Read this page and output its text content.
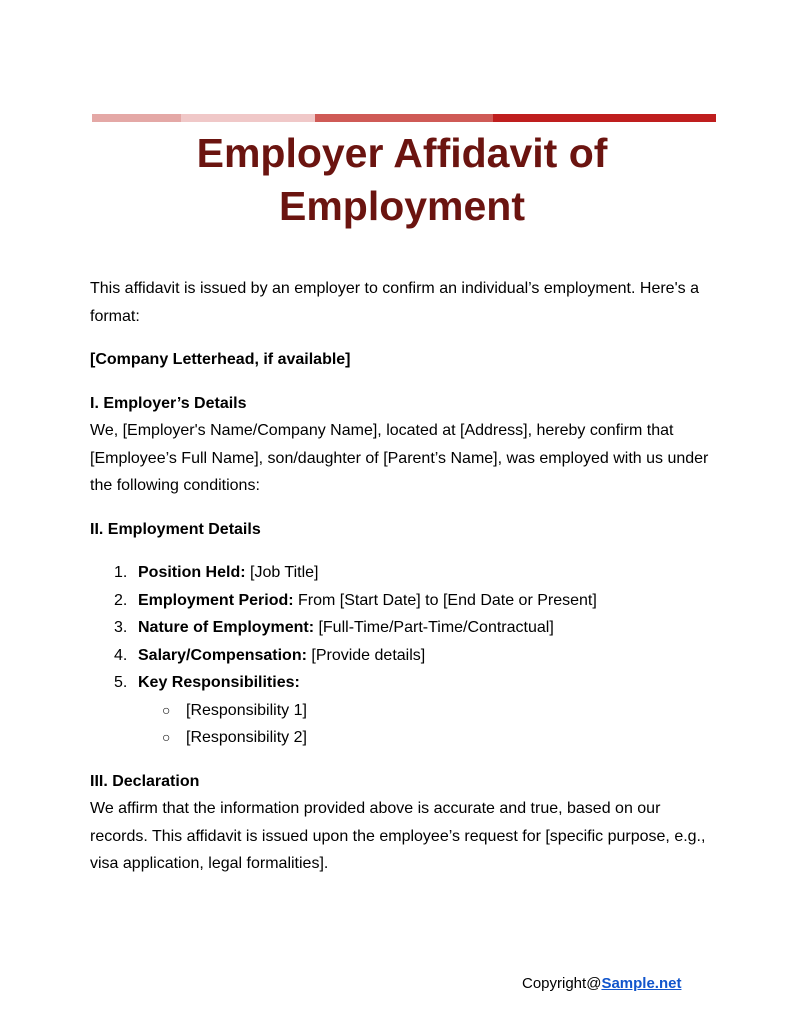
Employer Affidavit of Employment

This affidavit is issued by an employer to confirm an individual’s employment. Here's a format:

[Company Letterhead, if available]

I. Employer’s Details

We, [Employer's Name/Company Name], located at [Address], hereby confirm that [Employee’s Full Name], son/daughter of [Parent’s Name], was employed with us under the following conditions:

II. Employment Details

1. Position Held: [Job Title]
2. Employment Period: From [Start Date] to [End Date or Present]
3. Nature of Employment: [Full-Time/Part-Time/Contractual]
4. Salary/Compensation: [Provide details]
5. Key Responsibilities:
○ [Responsibility 1]
○ [Responsibility 2]

III. Declaration

We affirm that the information provided above is accurate and true, based on our records. This affidavit is issued upon the employee’s request for [specific purpose, e.g., visa application, legal formalities].

Copyright@Sample.net
